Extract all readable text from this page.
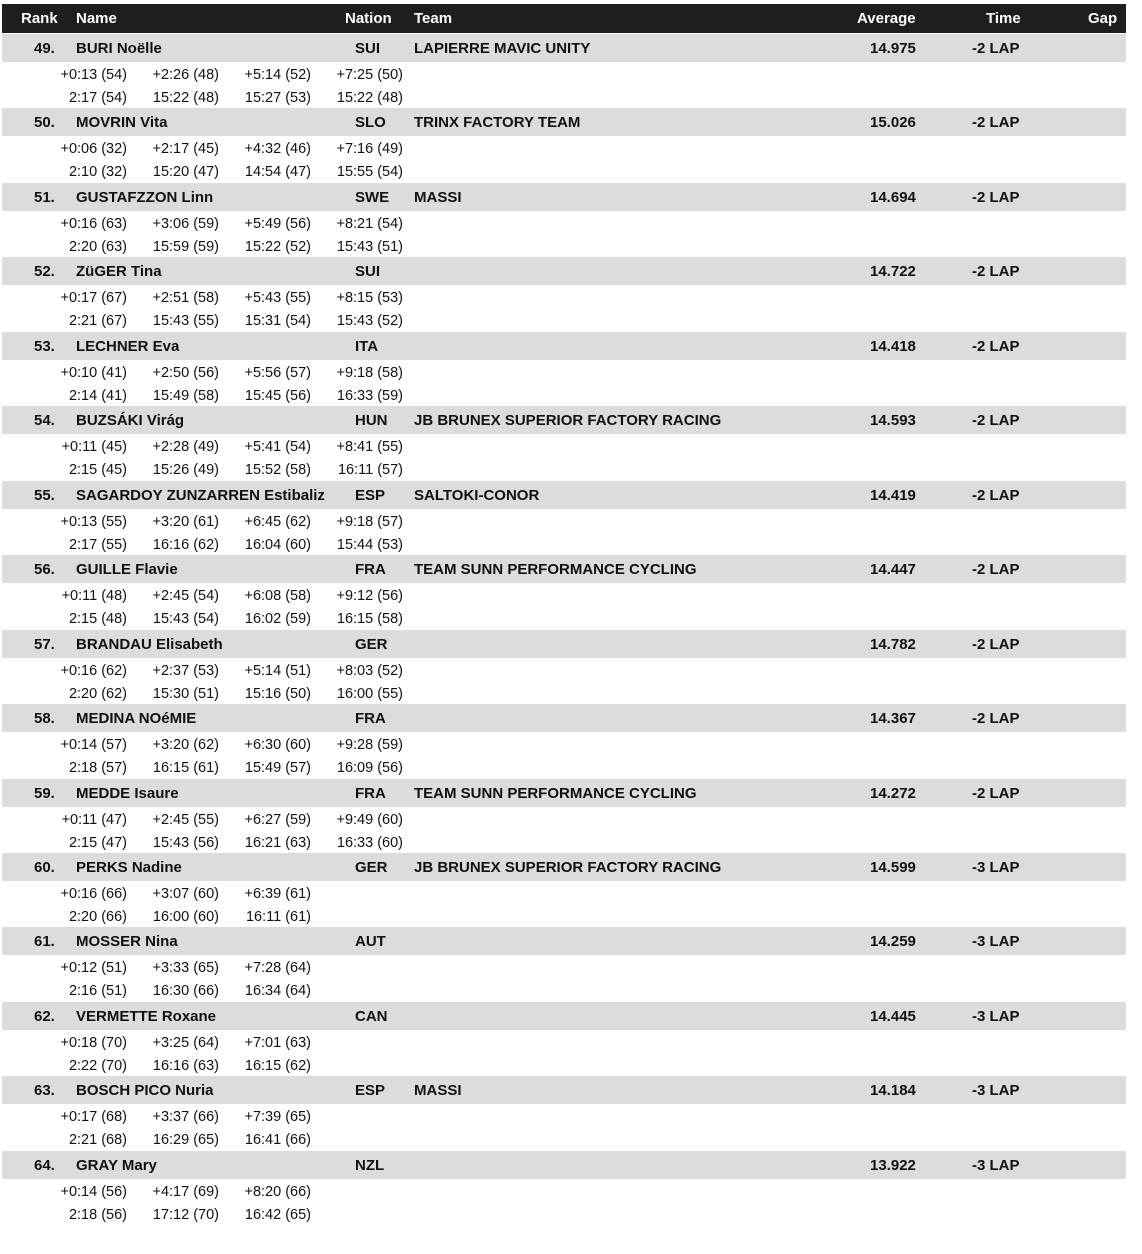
Rank Name	Nation Team	Average	Time	Gap
49. BURI Noëlle	SUI LAPIERRE MAVIC UNITY	14.975	-2 LAP
+0:13 (54)	+2:26 (48)	+5:14 (52)	+7:25 (50)
2:17 (54)	15:22 (48)	15:27 (53)	15:22 (48)
50. MOVRIN Vita	SLO TRINX FACTORY TEAM	15.026	-2 LAP
+0:06 (32)	+2:17 (45)	+4:32 (46)	+7:16 (49)
2:10 (32)	15:20 (47)	14:54 (47)	15:55 (54)
51. GUSTAFZZON Linn	SWE MASSI	14.694	-2 LAP
+0:16 (63)	+3:06 (59)	+5:49 (56)	+8:21 (54)
2:20 (63)	15:59 (59)	15:22 (52)	15:43 (51)
52. ZüGER Tina	SUI	14.722	-2 LAP
+0:17 (67)	+2:51 (58)	+5:43 (55)	+8:15 (53)
2:21 (67)	15:43 (55)	15:31 (54)	15:43 (52)
53. LECHNER Eva	ITA	14.418	-2 LAP
+0:10 (41)	+2:50 (56)	+5:56 (57)	+9:18 (58)
2:14 (41)	15:49 (58)	15:45 (56)	16:33 (59)
54. BUZSÁKI Virág	HUN JB BRUNEX SUPERIOR FACTORY RACING	14.593	-2 LAP
+0:11 (45)	+2:28 (49)	+5:41 (54)	+8:41 (55)
2:15 (45)	15:26 (49)	15:52 (58)	16:11 (57)
55. SAGARDOY ZUNZARREN Estibaliz ESP SALTOKI-CONOR	14.419	-2 LAP
+0:13 (55)	+3:20 (61)	+6:45 (62)	+9:18 (57)
2:17 (55)	16:16 (62)	16:04 (60)	15:44 (53)
56. GUILLE Flavie	FRA TEAM SUNN PERFORMANCE CYCLING	14.447	-2 LAP
+0:11 (48)	+2:45 (54)	+6:08 (58)	+9:12 (56)
2:15 (48)	15:43 (54)	16:02 (59)	16:15 (58)
57. BRANDAU Elisabeth	GER	14.782	-2 LAP
+0:16 (62)	+2:37 (53)	+5:14 (51)	+8:03 (52)
2:20 (62)	15:30 (51)	15:16 (50)	16:00 (55)
58. MEDINA NOéMIE	FRA	14.367	-2 LAP
+0:14 (57)	+3:20 (62)	+6:30 (60)	+9:28 (59)
2:18 (57)	16:15 (61)	15:49 (57)	16:09 (56)
59. MEDDE Isaure	FRA TEAM SUNN PERFORMANCE CYCLING	14.272	-2 LAP
+0:11 (47)	+2:45 (55)	+6:27 (59)	+9:49 (60)
2:15 (47)	15:43 (56)	16:21 (63)	16:33 (60)
60. PERKS Nadine	GER JB BRUNEX SUPERIOR FACTORY RACING	14.599	-3 LAP
+0:16 (66)	+3:07 (60)	+6:39 (61)
2:20 (66)	16:00 (60)	16:11 (61)
61. MOSSER Nina	AUT	14.259	-3 LAP
+0:12 (51)	+3:33 (65)	+7:28 (64)
2:16 (51)	16:30 (66)	16:34 (64)
62. VERMETTE Roxane	CAN	14.445	-3 LAP
+0:18 (70)	+3:25 (64)	+7:01 (63)
2:22 (70)	16:16 (63)	16:15 (62)
63. BOSCH PICO Nuria	ESP MASSI	14.184	-3 LAP
+0:17 (68)	+3:37 (66)	+7:39 (65)
2:21 (68)	16:29 (65)	16:41 (66)
64. GRAY Mary	NZL	13.922	-3 LAP
+0:14 (56)	+4:17 (69)	+8:20 (66)
2:18 (56)	17:12 (70)	16:42 (65)
